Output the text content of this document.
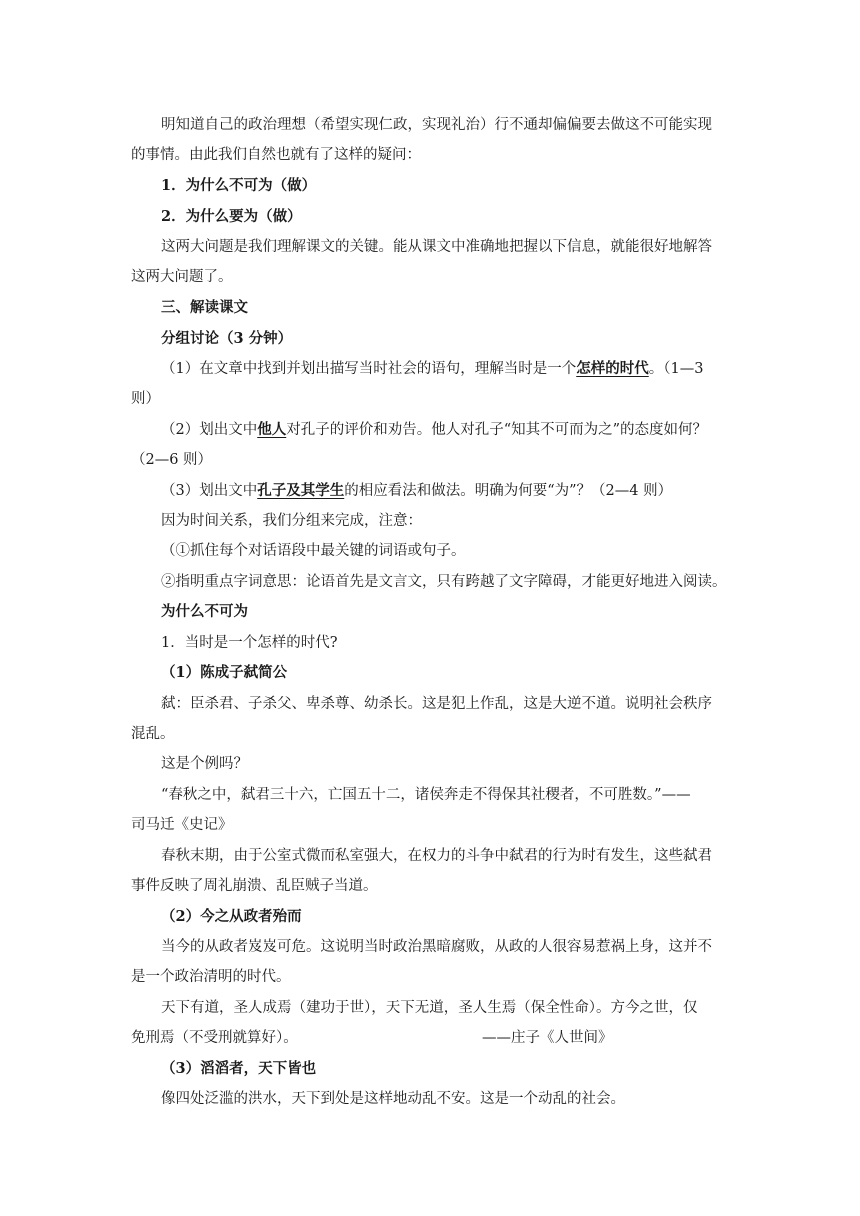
明知道自己的政治理想（希望实现仁政，实现礼治）行不通却偏偏要去做这不可能实现
的事情。由此我们自然也就有了这样的疑问：
1．为什么不可为（做）
2．为什么要为（做）
这两大问题是我们理解课文的关键。能从课文中准确地把握以下信息，就能很好地解答
这两大问题了。
三、解读课文
分组讨论（3 分钟）
（1）在文章中找到并划出描写当时社会的语句，理解当时是一个怎样的时代。（1—3
则）
（2）划出文中他人对孔子的评价和劝告。他人对孔子“知其不可而为之”的态度如何？
（2—6 则）
（3）划出文中孔子及其学生的相应看法和做法。明确为何要“为”？（2—4 则）
因为时间关系，我们分组来完成，注意：
（①抓住每个对话语段中最关键的词语或句子。
②指明重点字词意思：论语首先是文言文，只有跨越了文字障碍，才能更好地进入阅读。
为什么不可为
1．当时是一个怎样的时代?
（1）陈成子弑简公
弑：臣杀君、子杀父、卑杀尊、幼杀长。这是犯上作乱，这是大逆不道。说明社会秩序
混乱。
这是个例吗？
“春秋之中，弑君三十六，亡国五十二，诸侯奔走不得保其社稷者，不可胜数。”——
司马迁《史记》
春秋末期，由于公室式微而私室强大，在权力的斗争中弑君的行为时有发生，这些弑君
事件反映了周礼崩溃、乱臣贼子当道。
（2）今之从政者殆而
当今的从政者岌岌可危。这说明当时政治黑暗腐败，从政的人很容易惹祸上身，这并不
是一个政治清明的时代。
天下有道，圣人成焉（建功于世），天下无道，圣人生焉（保全性命）。方今之世，仅
免刑焉（不受刑就算好）。	——庄子《人世间》
（3）滔滔者，天下皆也
像四处泛滥的洪水，天下到处是这样地动乱不安。这是一个动乱的社会。
